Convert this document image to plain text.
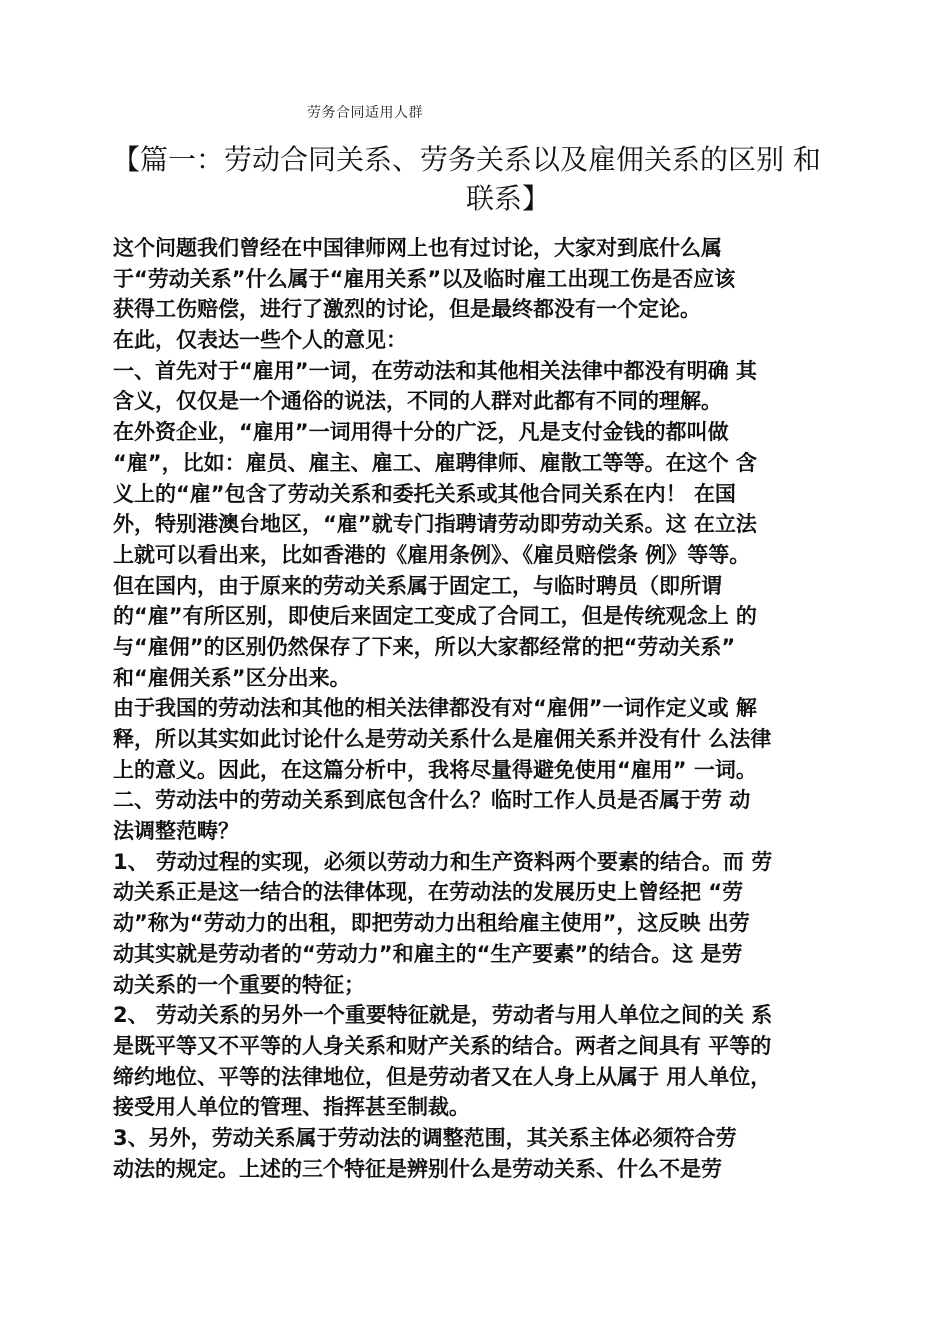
劳务合同适用人群
【篇一：劳动合同关系、劳务关系以及雇佣关系的区别 和
联系】
这个问题我们曾经在中国律师网上也有过讨论，大家对到底什么属
于“劳动关系”什么属于“雇用关系”以及临时雇工出现工伤是否应该
获得工伤赔偿，进行了激烈的讨论，但是最终都没有一个定论。
在此，仅表达一些个人的意见：
一、首先对于“雇用”一词，在劳动法和其他相关法律中都没有明确 其
含义，仅仅是一个通俗的说法，不同的人群对此都有不同的理解。
在外资企业，“雇用”一词用得十分的广泛，凡是支付金钱的都叫做
“雇”，比如：雇员、雇主、雇工、雇聘律师、雇散工等等。在这个 含
义上的“雇”包含了劳动关系和委托关系或其他合同关系在内！ 在国
外，特别港澳台地区，“雇”就专门指聘请劳动即劳动关系。这 在立法
上就可以看出来，比如香港的《雇用条例》、《雇员赔偿条 例》等等。
但在国内，由于原来的劳动关系属于固定工，与临时聘员（即所谓
的“雇”有所区别，即使后来固定工变成了合同工，但是传统观念上 的
与“雇佣”的区别仍然保存了下来，所以大家都经常的把“劳动关系”
和“雇佣关系”区分出来。
由于我国的劳动法和其他的相关法律都没有对“雇佣”一词作定义或 解
释，所以其实如此讨论什么是劳动关系什么是雇佣关系并没有什 么法律
上的意义。因此，在这篇分析中，我将尽量得避免使用“雇用” 一词。
二、劳动法中的劳动关系到底包含什么？临时工作人员是否属于劳 动
法调整范畴？
1、 劳动过程的实现，必须以劳动力和生产资料两个要素的结合。而 劳
动关系正是这一结合的法律体现，在劳动法的发展历史上曾经把 “劳
动”称为“劳动力的出租，即把劳动力出租给雇主使用”，这反映 出劳
动其实就是劳动者的“劳动力”和雇主的“生产要素”的结合。这 是劳
动关系的一个重要的特征；
2、 劳动关系的另外一个重要特征就是，劳动者与用人单位之间的关 系
是既平等又不平等的人身关系和财产关系的结合。两者之间具有 平等的
缔约地位、平等的法律地位，但是劳动者又在人身上从属于 用人单位，
接受用人单位的管理、指挥甚至制裁。
3、另外，劳动关系属于劳动法的调整范围，其关系主体必须符合劳
动法的规定。上述的三个特征是辨别什么是劳动关系、什么不是劳
